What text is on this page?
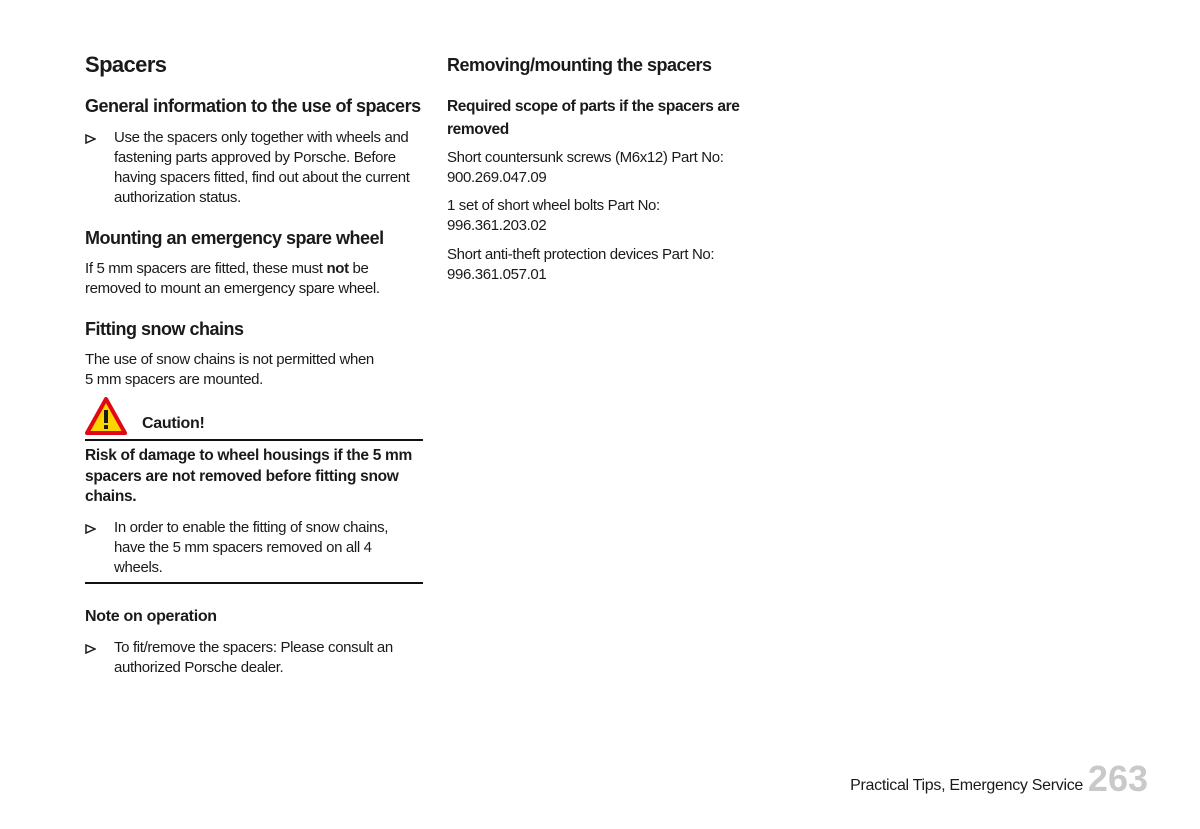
Spacers
General information to the use of spacers
Use the spacers only together with wheels and fastening parts approved by Porsche. Before having spacers fitted, find out about the current authorization status.
Mounting an emergency spare wheel

If 5 mm spacers are fitted, these must not be removed to mount an emergency spare wheel.

Fitting snow chains

The use of snow chains is not permitted when
5 mm spacers are mounted.

Caution!

Risk of damage to wheel housings if the 5 mm spacers are not removed before fitting snow chains.

In order to enable the fitting of snow chains, have the 5 mm spacers removed on all 4 wheels.
Note on operation
To fit/remove the spacers: Please consult an authorized Porsche dealer.
Removing/mounting the spacers
Required scope of parts if the spacers are removed
Short countersunk screws (M6x12) Part No:
900.269.047.09
1 set of short wheel bolts Part No:
996.361.203.02
Short anti-theft protection devices Part No:
996.361.057.01
Practical Tips, Emergency Service 263
